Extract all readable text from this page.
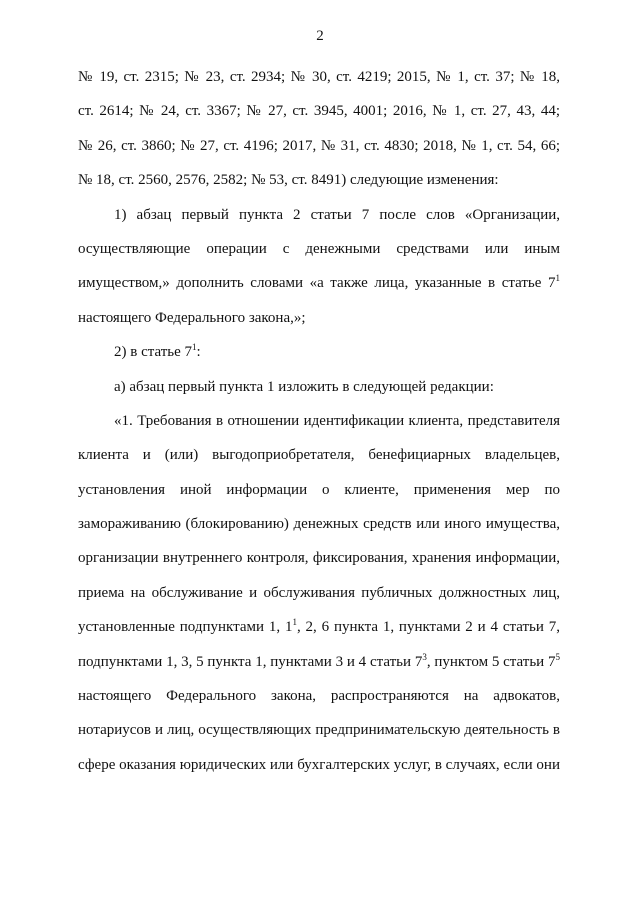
2
№ 19, ст. 2315; № 23, ст. 2934; № 30, ст. 4219; 2015, № 1, ст. 37; № 18,
ст. 2614; № 24, ст. 3367; № 27, ст. 3945, 4001; 2016, № 1, ст. 27, 43, 44;
№ 26, ст. 3860; № 27, ст. 4196; 2017, № 31, ст. 4830; 2018, № 1, ст. 54, 66;
№ 18, ст. 2560, 2576, 2582; № 53, ст. 8491) следующие изменения:
1) абзац первый пункта 2 статьи 7 после слов «Организации,
осуществляющие операции с денежными средствами или иным
имуществом,» дополнить словами «а также лица, указанные в статье $7^1$
настоящего Федерального закона,»;
2) в статье $7^1$:
а) абзац первый пункта 1 изложить в следующей редакции:
«1. Требования в отношении идентификации клиента, представителя
клиента и (или) выгодоприобретателя, бенефициарных владельцев,
установления иной информации о клиенте, применения мер по
замораживанию (блокированию) денежных средств или иного имущества,
организации внутреннего контроля, фиксирования, хранения информации,
приема на обслуживание и обслуживания публичных должностных лиц,
установленные подпунктами 1, $1^1$, 2, 6 пункта 1, пунктами 2 и 4 статьи 7,
подпунктами 1, 3, 5 пункта 1, пунктами 3 и 4 статьи $7^3$, пунктом 5 статьи $7^5$
настоящего Федерального закона, распространяются на адвокатов,
нотариусов и лиц, осуществляющих предпринимательскую деятельность в
сфере оказания юридических или бухгалтерских услуг, в случаях, если они
